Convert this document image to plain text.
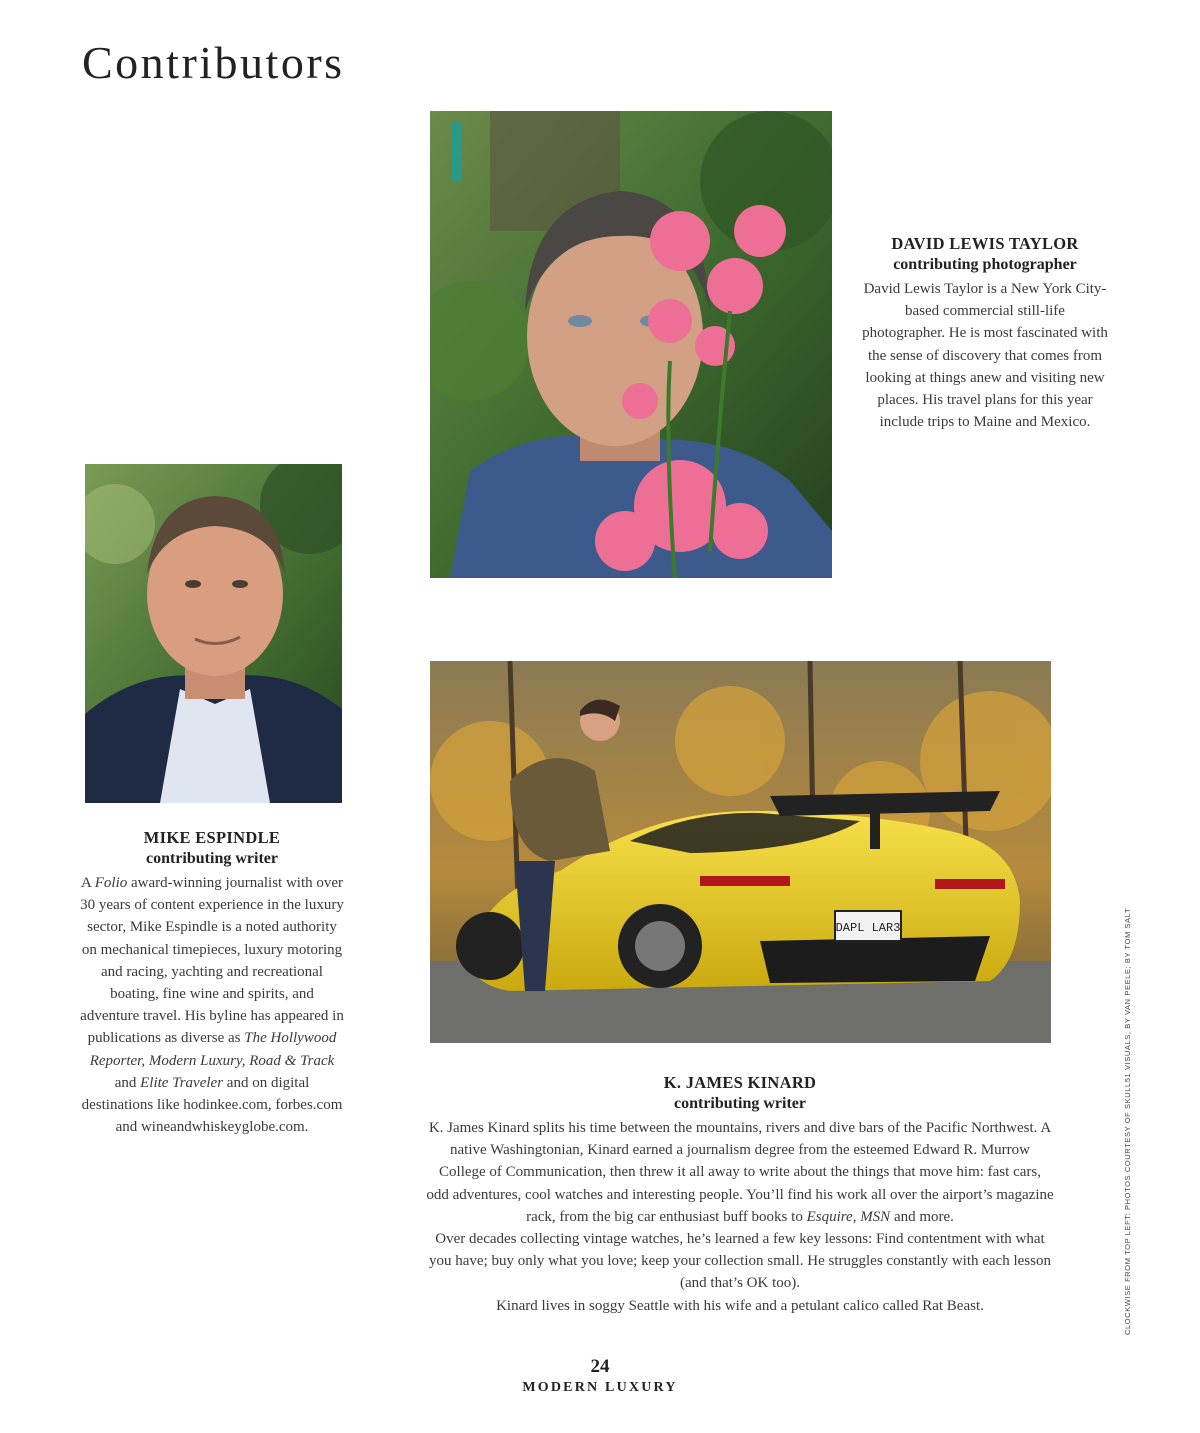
Contributors
DAVID LEWIS TAYLOR
contributing photographer

David Lewis Taylor is a New York City-based commercial still-life photographer. He is most fascinated with the sense of discovery that comes from looking at things anew and visiting new places. His travel plans for this year include trips to Maine and Mexico.

MIKE ESPINDLE
contributing writer

A Folio award-winning journalist with over 30 years of content experience in the luxury sector, Mike Espindle is a noted authority on mechanical timepieces, luxury motoring and racing, yachting and recreational boating, fine wine and spirits, and adventure travel. His byline has appeared in publications as diverse as The Hollywood Reporter, Modern Luxury, Road & Track and Elite Traveler and on digital destinations like hodinkee.com, forbes.com and wineandwhiskeyglobe.com.

DAPL LAR3
K. JAMES KINARD
contributing writer

K. James Kinard splits his time between the mountains, rivers and dive bars of the Pacific Northwest. A native Washingtonian, Kinard earned a journalism degree from the esteemed Edward R. Murrow College of Communication, then threw it all away to write about the things that move him: fast cars, odd adventures, cool watches and interesting people. You’ll find his work all over the airport’s magazine rack, from the big car enthusiast buff books to Esquire, MSN and more.

Over decades collecting vintage watches, he’s learned a few key lessons: Find contentment with what you have; buy only what you love; keep your collection small. He struggles constantly with each lesson (and that’s OK too).

Kinard lives in soggy Seattle with his wife and a petulant calico called Rat Beast.	CLOCKWISE FROM TOP LEFT: PHOTOS COURTESY OF SKULL51 VISUALS; BY VAN PEELE; BY TOM SALT
24
MODERN LUXURY
